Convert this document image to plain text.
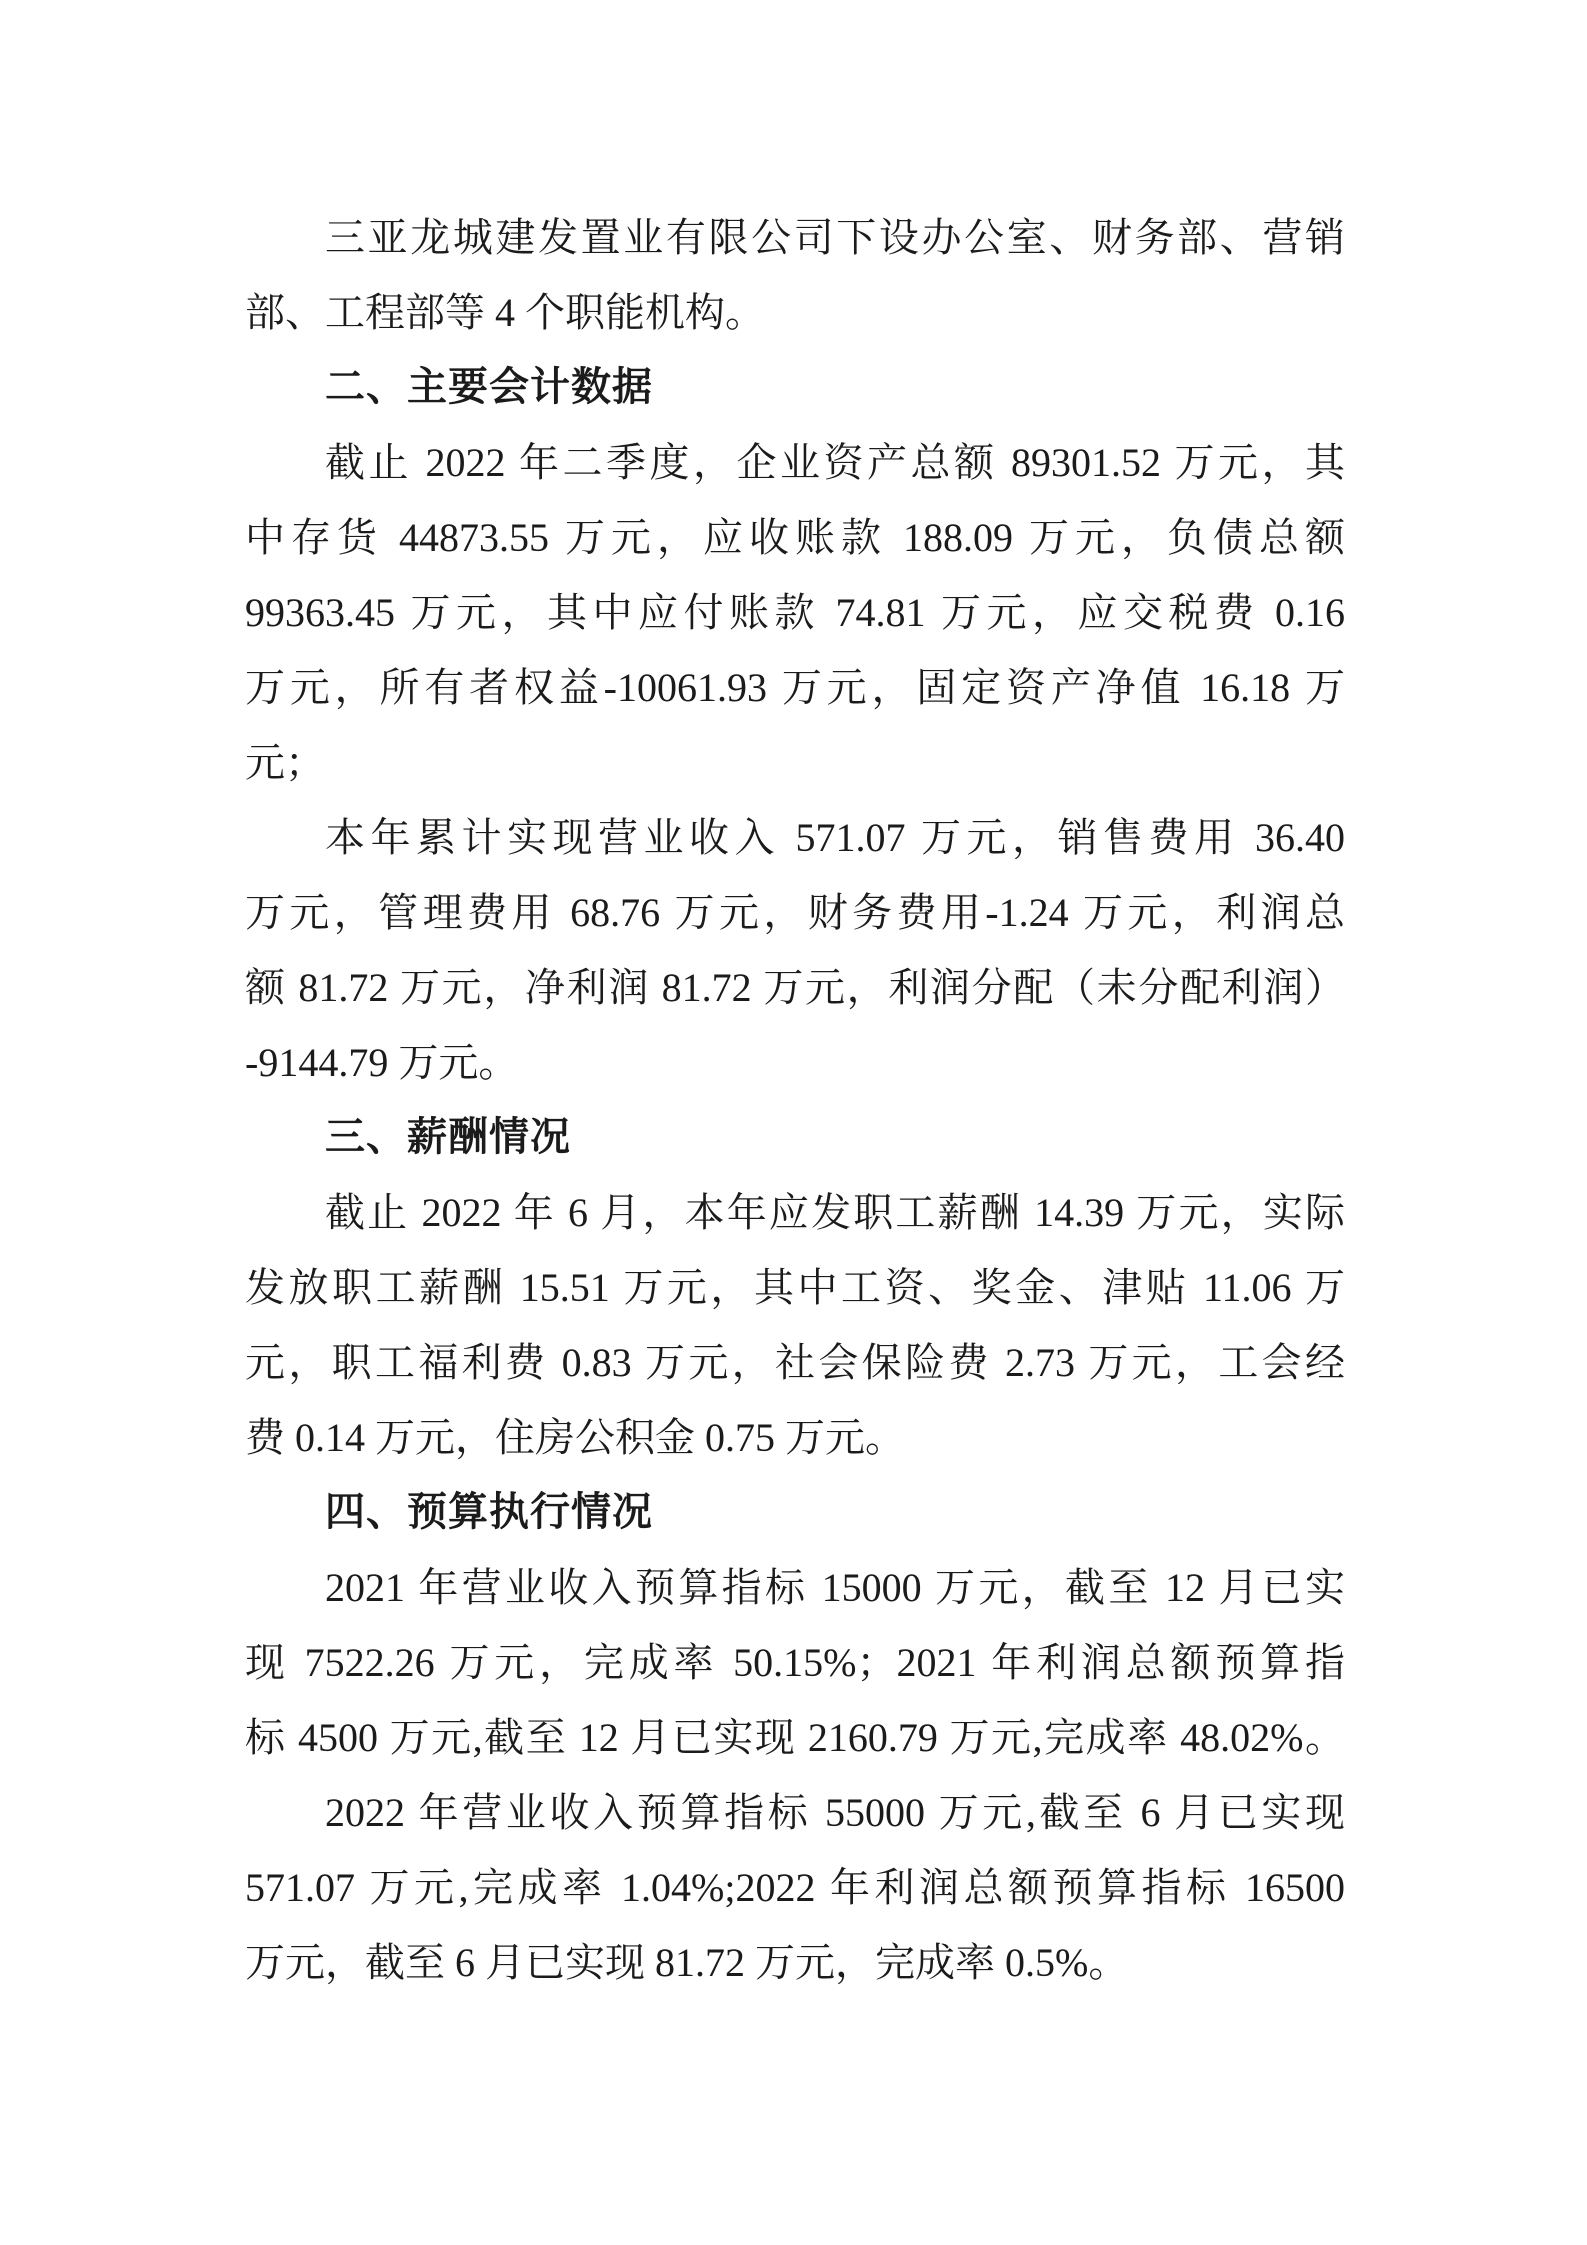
三亚龙城建发置业有限公司下设办公室、财务部、营销
部、工程部等 4 个职能机构。
二、主要会计数据
截止 2022 年二季度，企业资产总额 89301.52 万元，其
中存货 44873.55 万元，应收账款 188.09 万元，负债总额
99363.45 万元，其中应付账款 74.81 万元，应交税费 0.16
万元，所有者权益-10061.93 万元，固定资产净值 16.18 万
元；
本年累计实现营业收入 571.07 万元，销售费用 36.40
万元，管理费用 68.76 万元，财务费用-1.24 万元，利润总
额 81.72 万元，净利润 81.72 万元，利润分配（未分配利润）
-9144.79 万元。
三、薪酬情况
截止 2022 年 6 月，本年应发职工薪酬 14.39 万元，实际
发放职工薪酬 15.51 万元，其中工资、奖金、津贴 11.06 万
元，职工福利费 0.83 万元，社会保险费 2.73 万元，工会经
费 0.14 万元，住房公积金 0.75 万元。
四、预算执行情况
2021 年营业收入预算指标 15000 万元，截至 12 月已实
现 7522.26 万元，完成率 50.15%；2021 年利润总额预算指
标 4500 万元,截至 12 月已实现 2160.79 万元,完成率 48.02%。
2022 年营业收入预算指标 55000 万元,截至 6 月已实现
571.07 万元,完成率 1.04%;2022 年利润总额预算指标 16500
万元，截至 6 月已实现 81.72 万元，完成率 0.5%。
